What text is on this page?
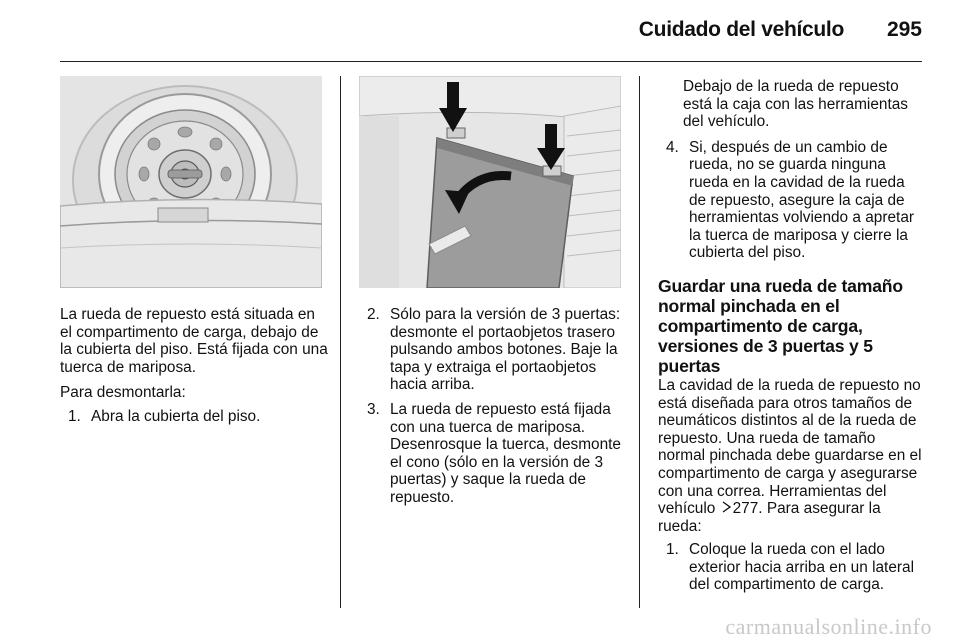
Cuidado del vehículo 295

La rueda de repuesto está situada en el compartimento de carga, debajo de la cubierta del piso. Está fijada con una tuerca de mariposa.

Para desmontarla:

1. Abra la cubierta del piso.
2. Sólo para la versión de 3 puertas: desmonte el portaobjetos trasero pulsando ambos botones. Baje la tapa y extraiga el portaobjetos hacia arriba.
3. La rueda de repuesto está fijada con una tuerca de mariposa. Desenrosque la tuerca, desmonte el cono (sólo en la versión de 3 puertas) y saque la rueda de repuesto.

Debajo de la rueda de repuesto está la caja con las herramientas del vehículo.

4. Si, después de un cambio de rueda, no se guarda ninguna rueda en la cavidad de la rueda de repuesto, asegure la caja de herramientas volviendo a apretar la tuerca de mariposa y cierre la cubierta del piso.
Guardar una rueda de tamaño normal pinchada en el compartimento de carga, versiones de 3 puertas y 5 puertas

La cavidad de la rueda de repuesto no está diseñada para otros tamaños de neumáticos distintos al de la rueda de repuesto. Una rueda de tamaño normal pinchada debe guardarse en el compartimento de carga y asegurarse con una correa. Herramientas del vehículo 277. Para asegurar la rueda:

1. Coloque la rueda con el lado exterior hacia arriba en un lateral del compartimento de carga.
carmanualsonline.info
